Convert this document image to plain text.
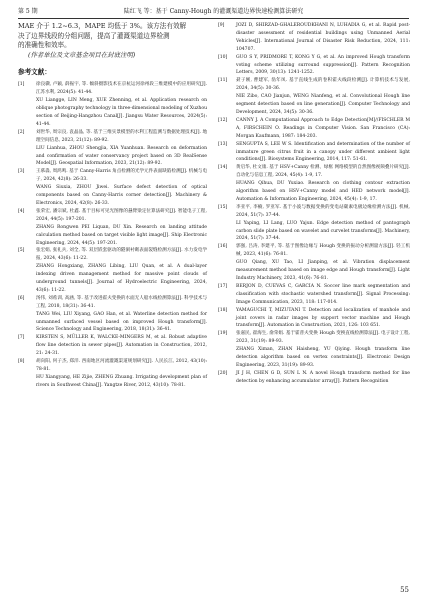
第 5 期	陆红飞 等：基于 Canny-Hough 的灌溉渠道边界快速检测算法研究

MAE 介于 1.2~6.3，MAPE 均低于 3%。该方法有效解
决了边界线段的分组问题，提高了灌溉渠道边界检测
的准确性和效率。

(作者单位及文章基金项目在封底注明)

参考文献：
[1]	徐良骥, 卢颖, 薛振宇, 等. 倾斜摄影技术在京杭运河徐州段三维建模中的应用研究[J]. 江苏水利, 2024(5): 41-44.
XU Liangge, LIN Meng, XUE Zhenning, et al. Application research on oblique photography technology in three-dimensional modeling of Xuzhou section of Beijing-Hangzhou Canal[J]. Jiangsu Water Resources, 2024(5): 41-44.
[2]	刘世华, 周宗良, 袁晶晶, 等. 基于三维实景模型的水利工程监测与数据处理技术[J]. 地理空间信息, 2023, 21(12): 89-92.
LIU Lianhua, ZHOU Shengjia, XIA Yuanhuan. Research on deformation and confirmation of water conservancy project based on 3D RealSense Model[J]. Geospatial Information, 2023, 21(12): 89-92.
[3]	王慕淼, 周鸿鸣. 基于 Canny-Harris 角点检测的光学元件表面缺陷检测[J]. 机械与电子, 2024, 42(8): 26-33.
WANG Siuxia, ZHOU Jiwei. Surface defect detection of optical components based on Canny-Harris corner detection[J]. Machinery & Electronics, 2024, 42(8): 26-33.
[4]	张荣宏, 潘宗斌, 杜鑫. 基于目标可见光图像的悬臂梁定位算法研究[J]. 智能电子工程, 2024, 44(5): 197-201.
ZHANG Rongwen PEI Liquan, DU Xin. Research on landing attitude calculation method based on target visible light image[J]. Ship Electronic Engineering, 2024, 44(5): 197-201.
[5]	张宏娟, 张礼兵, 刘全, 等. 双层嵌套驱动的隧洞衬砌表面裂缝检测方法[J]. 水力发电学报, 2024, 43(6): 11-22.
ZHANG Hongxiang, ZHANG Libing, LIU Quan, et al. A dual-layer indexing driven management method for massive point clouds of underground tunnels[J]. Journal of Hydroelectric Engineering, 2024, 43(6): 11-22.
[6]	汤伟, 刘希训, 高涵, 等. 基于改进霍夫变换的水面无人船水线检测算法[J]. 科学技术与工程, 2018, 18(31): 36-41.
TANG Wei, LIU Xiyang, GAO Han, et al. Waterline detection method for unmanned surfaced vessel based on improved Hough transform[J]. Science Technology and Engineering, 2018, 18(31): 36-41.
[7]	KIRSTEN S, MÜLLER K, WALCKE-MINGERS M, et al. Robust adaptive flow line detection in sewer pipes[J]. Automation in Construction, 2012, 21: 24-31.
[8]	胡向阳, 何子杰, 郑洋. 西南地区河流灌溉渠道规划研究[J]. 人民长江, 2012, 43(10): 78-81.
HU Xiangyang, HE Zijie, ZHENG Zhuang. Irrigating development plan of rivers in Southwest China[J]. Yangtze River, 2012, 43(10): 78-81.
[9]	JOZI D, SHIRZAD-GHALEROUDKHANI N, LUHADIA G, et al. Rapid post-disaster assessment of residential buildings using Unmanned Aerial Vehicles[J]. International Journal of Disaster Risk Reduction, 2024, 111: 104707.
[10]	GUO S Y, PRIDMORE T, KONG Y G, et al. An improved Hough transform voting scheme utilizing surround suppression[J]. Pattern Recognition Letters, 2009, 30(13): 1241-1252.
[11]	聂子刚, 曹建军, 翁年凤. 基于直线生成的卷积霍夫线段检测[J]. 计算机技术与发展, 2024, 34(5): 30-36.
NIE Zibo, CAO Jianjun, WENG Nianfeng, et al. Convolutional Hough line segment detection based on line generation[J]. Computer Technology and Development, 2024, 34(5): 30-36.
[12]	CANNY J. A Computational Approach to Edge Detection[M]//FISCHLER M A, FIRSCHEIN O. Readings in Computer Vision. San Francisco (CA): Morgan Kaufmann, 1987: 184-203.
[13]	SENGUPTA S, LEE W S. Identification and determination of the number of immature green citrus fruit in a canopy under different ambient light conditions[J]. Biosystems Engineering, 2014, 117: 51-61.
[14]	黄启华, 杜文康. 基于 HSV+Canny 检测、绿框 网络模型的自然图像视频叠片研究[J]. 自动化与信息工程, 2024, 45(4): 1-9, 17.
HUANG Qihua, DU Yuxiao. Research on clothing contour extraction algorithm based on HSV+Canny model and HED network model[J]. Automation & Information Engineering, 2024, 45(4): 1-9, 17.
[15]	李亚平, 李楠, 罗亚军. 基于小波与数据变换的变电站碳素电极边缘检测方法[J]. 机械, 2024, 51(7): 37-44.
LI Yaping, LI Lang, LUO Yajun. Edge detection method of pantograph carbon slide plate based on wavelet and curvelet transforms[J]. Machinery, 2024, 51(7): 37-44.
[16]	郭强, 吕涛, 李建平, 等. 基于图像边缘与 Hough 变换的振动分析测量方法[J]. 轻工机械, 2023, 41(6): 76-81.
GUO Qiang, XU Tao, LI Jianping, et al. Vibration displacement measurement method based on image edge and Hough transform[J]. Light Industry Machinery, 2023, 41(6): 76-81.
[17]	BERJON D, CUEVAS C, GARCIA N. Soccer line mark segmentation and classification with stochastic watershed transform[J]. Signal Processing: Image Communication, 2023, 118: 117-014.
[18]	YAMAGUCHI T, MIZUTANI T. Detection and localization of manhole and joint covers in radar images by support vector machine and Hough transform[J]. Automation in Construction, 2021, 126: 103 651.
[19]	张嘉民, 翟海生, 俞荣娟. 基于霍普夫变换 Hough 变换直线检测算法[J]. 电子设计工程, 2023, 31(19): 89-93.
ZHANG Ximan, ZHAN Haisheng, YU Qiying. Hough transform line detection algorithm based on vertex constraints[J]. Electronic Design Engineering, 2023, 31(19): 89-93.
[20]	JI J H, CHEN G D, SUN L N. A novel Hough transform method for line detection by enhancing accumulator array[J]. Pattern Recognition
55
